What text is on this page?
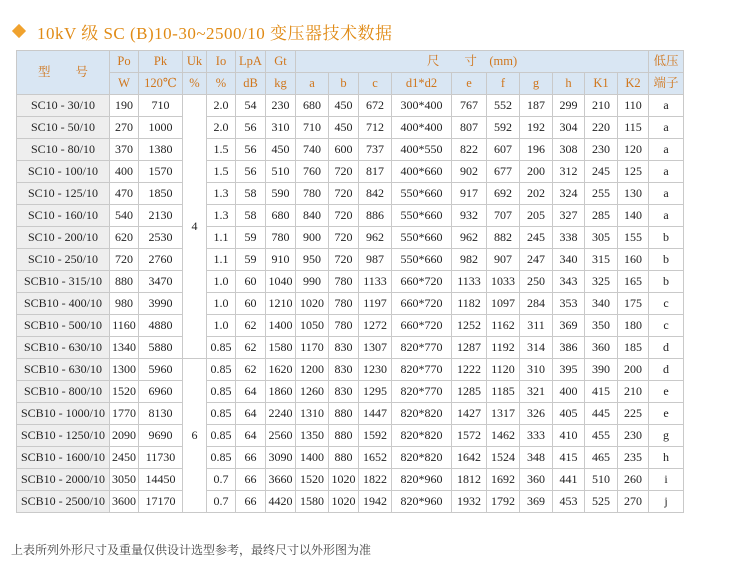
10kV 级 SC (B)10-30~2500/10 变压器技术数据
型　　号	Po	Pk	Uk	Io	LpA	Gt	尺　　寸　(mm)										低压
	W	120℃	%	%	dB	kg	a	b	c	d1*d2	e	f	g	h	K1	K2	端子
SC10 - 30/10	190	710	4	2.0	54	230	680	450	672	300*400	767	552	187	299	210	110	a
SC10 - 50/10	270	1000		2.0	56	310	710	450	712	400*400	807	592	192	304	220	115	a
SC10 - 80/10	370	1380		1.5	56	450	740	600	737	400*550	822	607	196	308	230	120	a
SC10 - 100/10	400	1570		1.5	56	510	760	720	817	400*660	902	677	200	312	245	125	a
SC10 - 125/10	470	1850		1.3	58	590	780	720	842	550*660	917	692	202	324	255	130	a
SC10 - 160/10	540	2130		1.3	58	680	840	720	886	550*660	932	707	205	327	285	140	a
SC10 - 200/10	620	2530		1.1	59	780	900	720	962	550*660	962	882	245	338	305	155	b
SC10 - 250/10	720	2760		1.1	59	910	950	720	987	550*660	982	907	247	340	315	160	b
SCB10 - 315/10	880	3470		1.0	60	1040	990	780	1133	660*720	1133	1033	250	343	325	165	b
SCB10 - 400/10	980	3990		1.0	60	1210	1020	780	1197	660*720	1182	1097	284	353	340	175	c
SCB10 - 500/10	1160	4880		1.0	62	1400	1050	780	1272	660*720	1252	1162	311	369	350	180	c
SCB10 - 630/10	1340	5880		0.85	62	1580	1170	830	1307	820*770	1287	1192	314	386	360	185	d
SCB10 - 630/10	1300	5960	6	0.85	62	1620	1200	830	1230	820*770	1222	1120	310	395	390	200	d
SCB10 - 800/10	1520	6960		0.85	64	1860	1260	830	1295	820*770	1285	1185	321	400	415	210	e
SCB10 - 1000/10	1770	8130		0.85	64	2240	1310	880	1447	820*820	1427	1317	326	405	445	225	e
SCB10 - 1250/10	2090	9690		0.85	64	2560	1350	880	1592	820*820	1572	1462	333	410	455	230	g
SCB10 - 1600/10	2450	11730		0.85	66	3090	1400	880	1652	820*820	1642	1524	348	415	465	235	h
SCB10 - 2000/10	3050	14450		0.7	66	3660	1520	1020	1822	820*960	1812	1692	360	441	510	260	i
SCB10 - 2500/10	3600	17170		0.7	66	4420	1580	1020	1942	820*960	1932	1792	369	453	525	270	j
上表所列外形尺寸及重量仅供设计选型参考，最终尺寸以外形图为准
